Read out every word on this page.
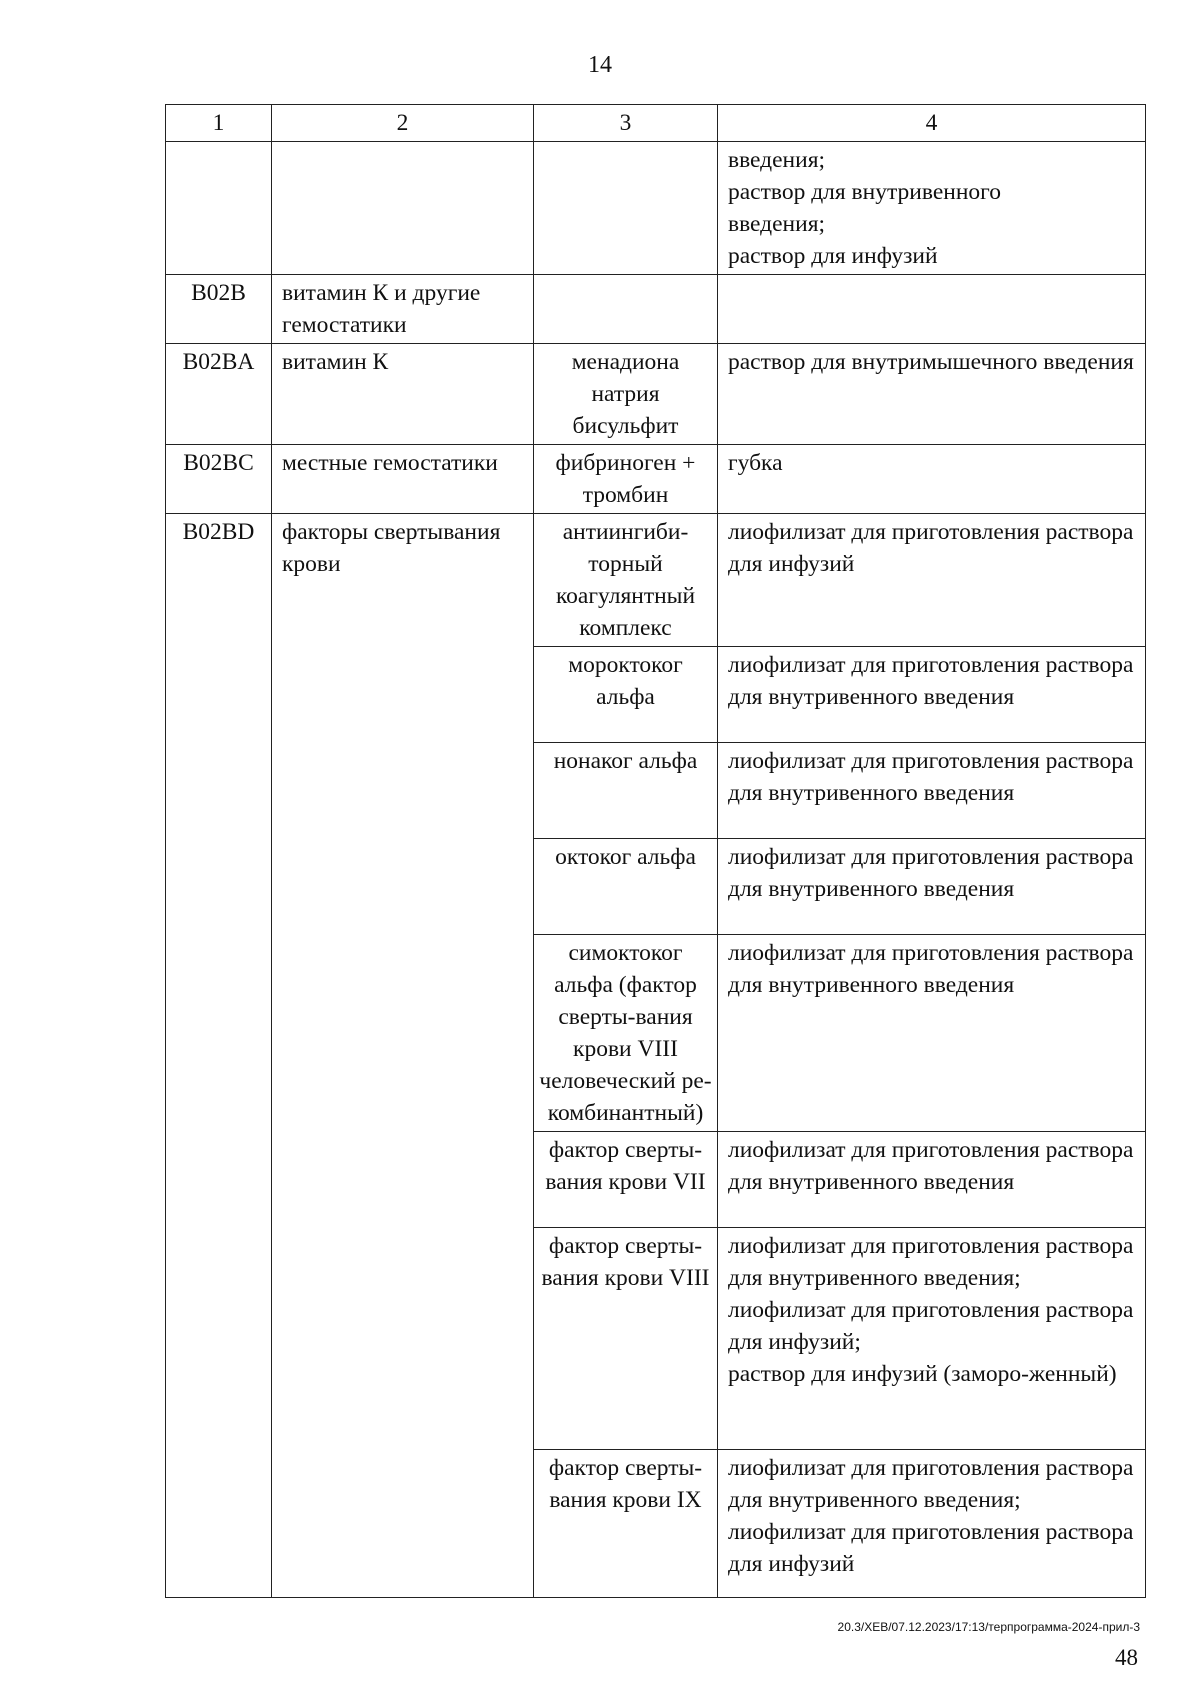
14
1	2	3	4

			введения;
раствор для внутривенного
введения;
раствор для инфузий

B02B	витамин К и другие гемостатики		
B02BA	витамин К	менадиона натрия бисульфит	раствор для внутримышечного введения
B02BC	местные гемостатики	фибриноген + тромбин	губка
B02BD	факторы свертывания крови	антиингиби-торный коагулянтный комплекс	лиофилизат для приготовления раствора для инфузий
		мороктоког альфа	лиофилизат для приготовления раствора для внутривенного введения
		нонаког альфа	лиофилизат для приготовления раствора для внутривенного введения
		октоког альфа	лиофилизат для приготовления раствора для внутривенного введения
		симоктоког альфа (фактор сверты-вания крови VIII человеческий ре-комбинантный)	лиофилизат для приготовления раствора для внутривенного введения
		фактор сверты-вания крови VII	лиофилизат для приготовления раствора для внутривенного введения
		фактор сверты-вания крови VIII	лиофилизат для приготовления раствора для внутривенного введения;
лиофилизат для приготовления раствора для инфузий;
раствор для инфузий (заморо-женный)

		фактор сверты-вания крови IX	лиофилизат для приготовления раствора для внутривенного введения;
лиофилизат для приготовления раствора для инфузий
20.3/ХЕВ/07.12.2023/17:13/терпрограмма-2024-прил-3
48
